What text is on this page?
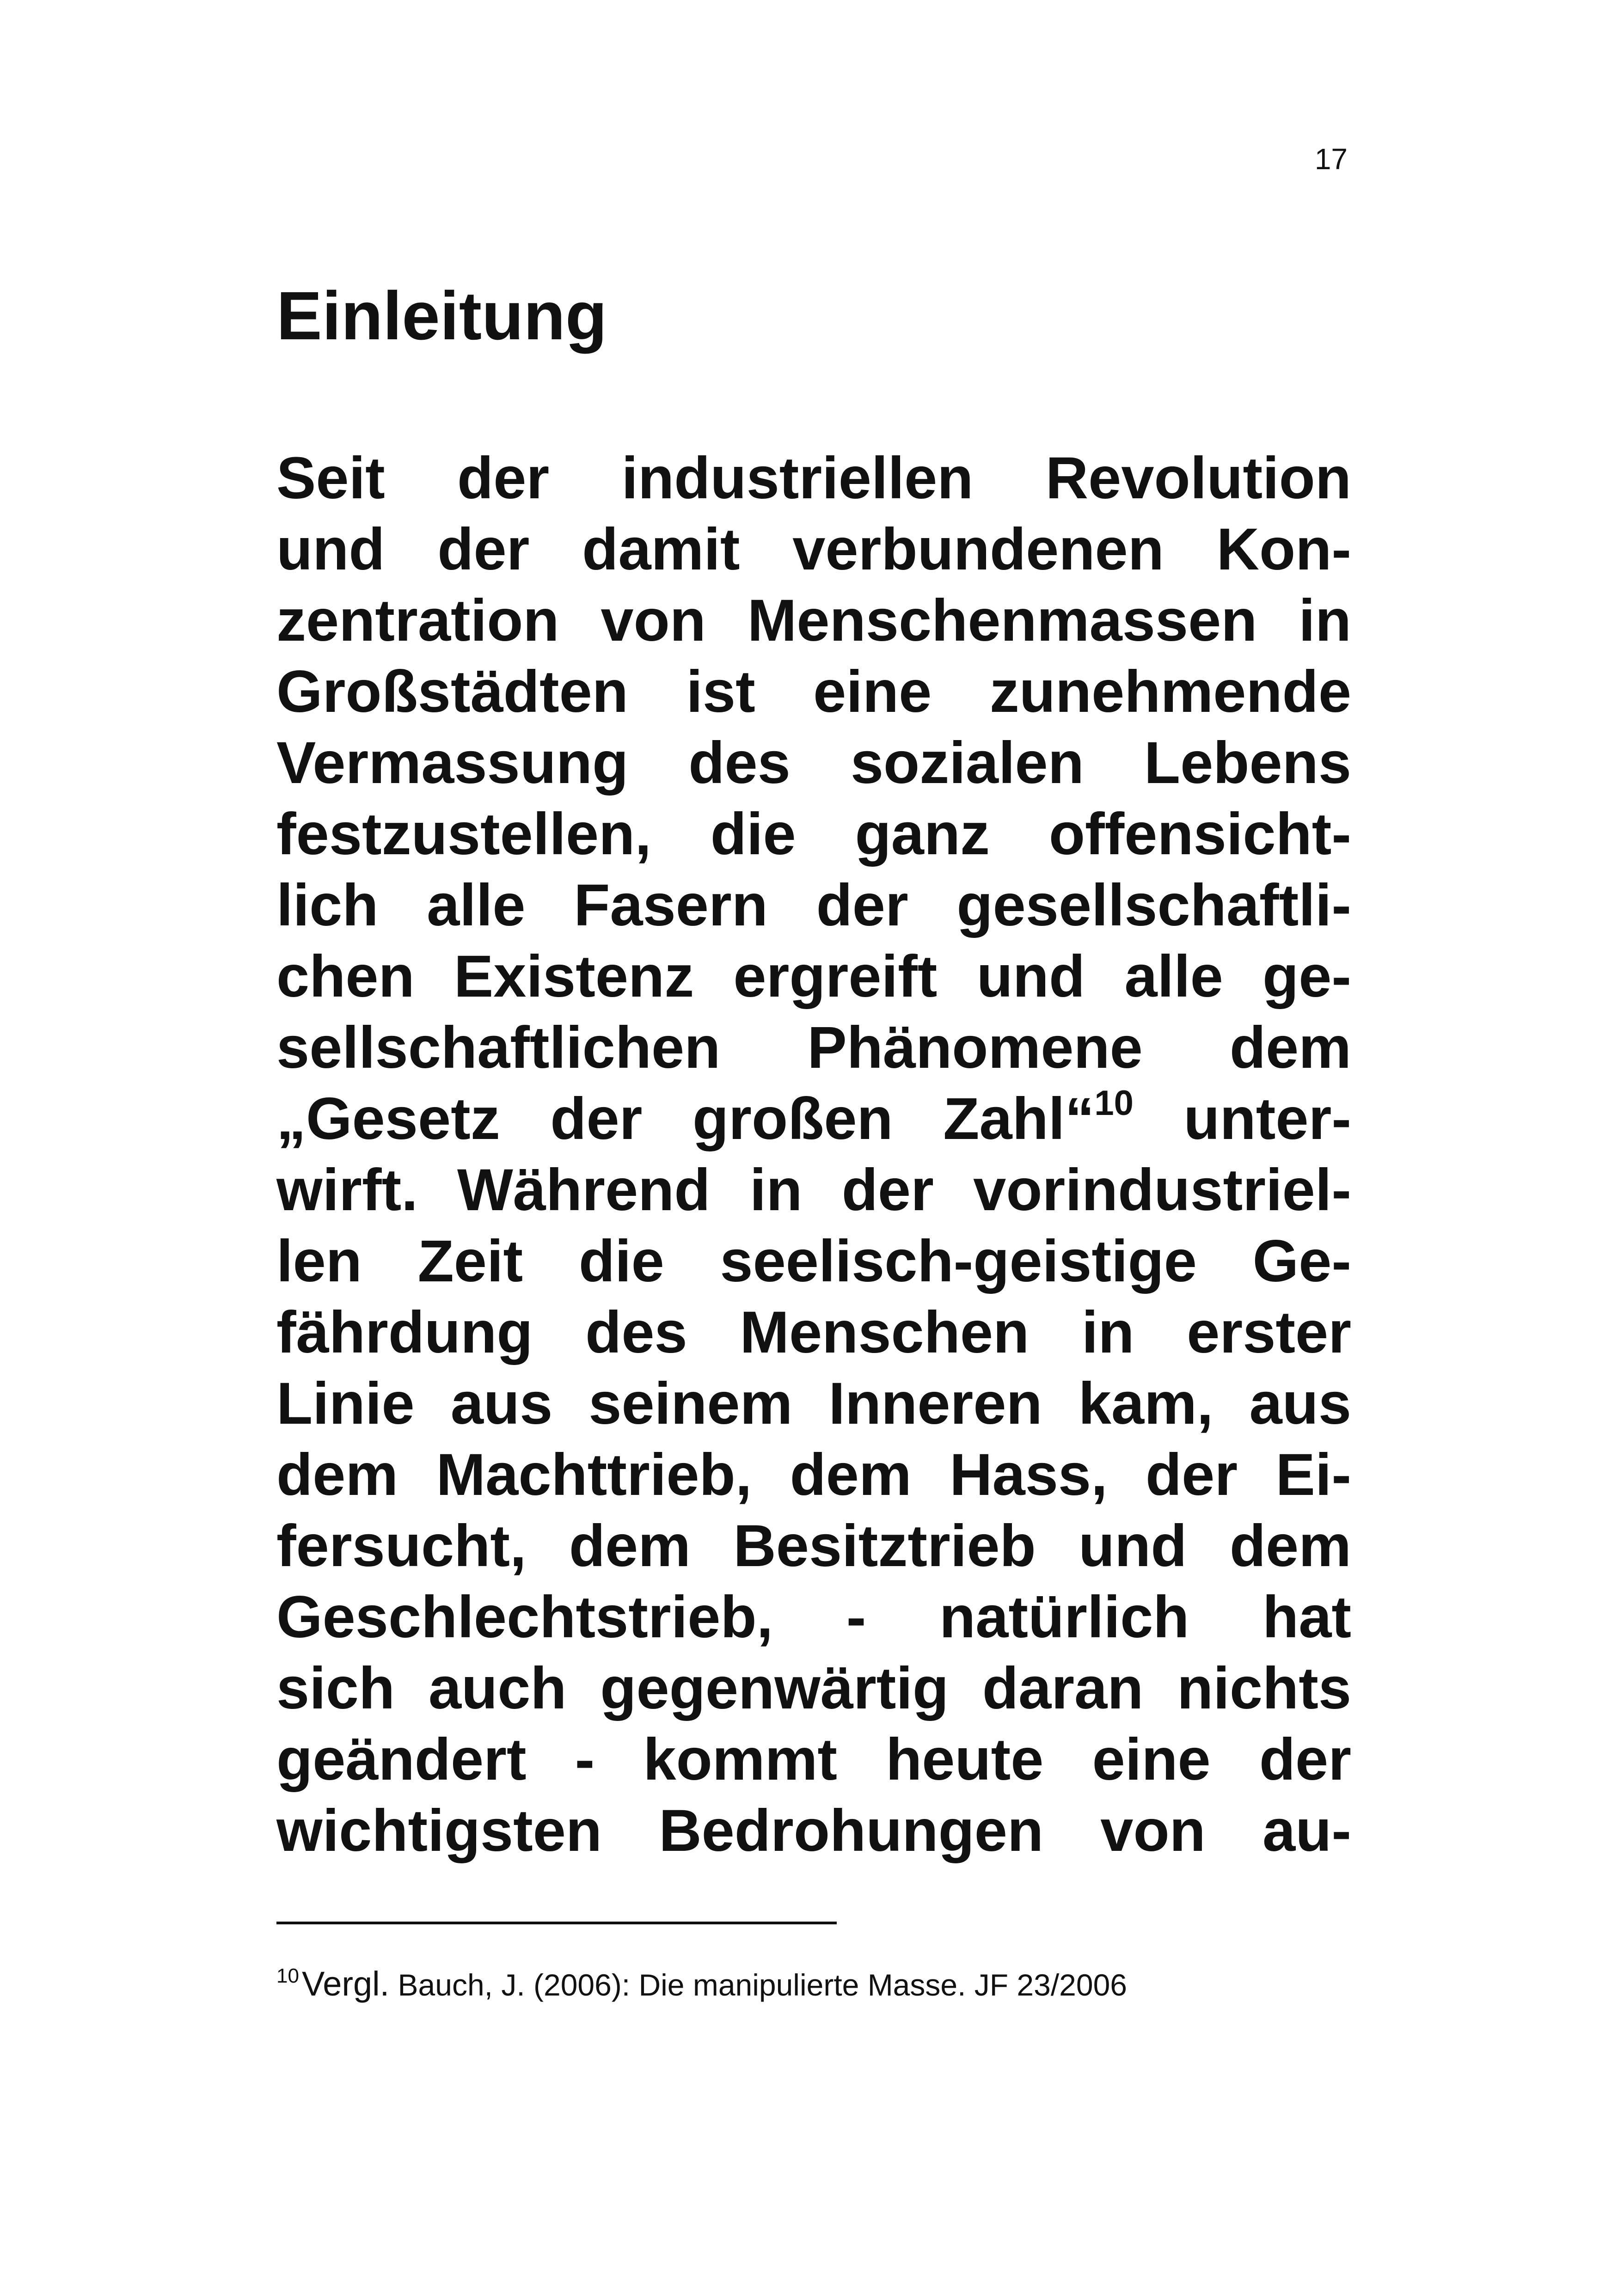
17
Einleitung
Seit der industriellen Revolution
und der damit verbundenen Kon-
zentration von Menschenmassen in
Großstädten ist eine zunehmende
Vermassung des sozialen Lebens
festzustellen, die ganz offensicht-
lich alle Fasern der gesellschaftli-
chen Existenz ergreift und alle ge-
sellschaftlichen Phänomene dem
„Gesetz der großen Zahl“$^{10}$ unter-
wirft. Während in der vorindustriel-
len Zeit die seelisch-geistige Ge-
fährdung des Menschen in erster
Linie aus seinem Inneren kam, aus
dem Machttrieb, dem Hass, der Ei-
fersucht, dem Besitztrieb und dem
Geschlechtstrieb, - natürlich hat
sich auch gegenwärtig daran nichts
geändert - kommt heute eine der
wichtigsten Bedrohungen von au-
$^{10}$Vergl. Bauch, J. (2006): Die manipulierte Masse. JF 23/2006
